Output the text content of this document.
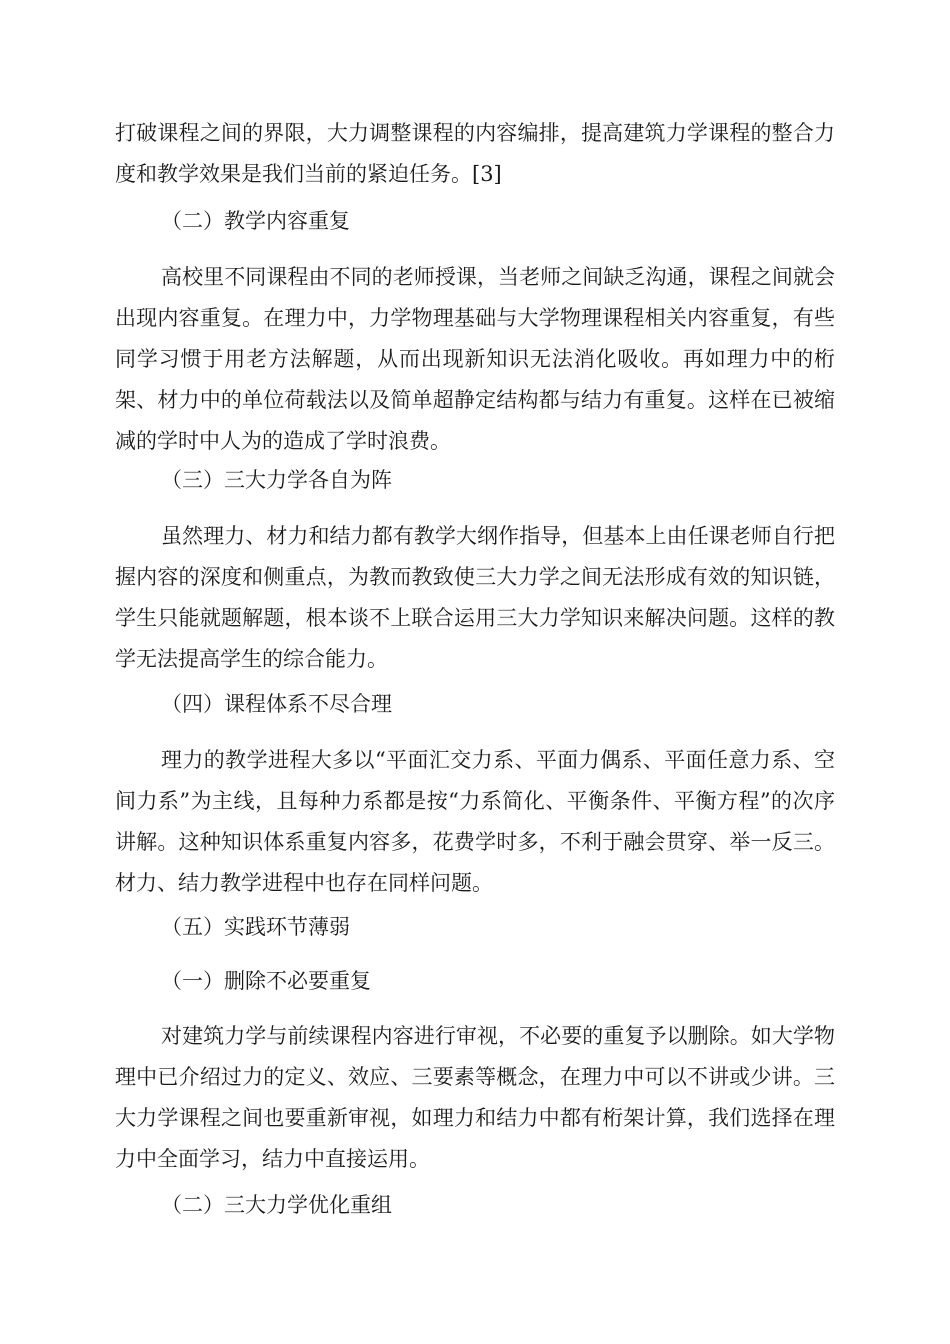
打破课程之间的界限，大力调整课程的内容编排，提高建筑力学课程的整合力度和教学效果是我们当前的紧迫任务。[3]

（二）教学内容重复

高校里不同课程由不同的老师授课，当老师之间缺乏沟通，课程之间就会出现内容重复。在理力中，力学物理基础与大学物理课程相关内容重复，有些同学习惯于用老方法解题，从而出现新知识无法消化吸收。再如理力中的桁架、材力中的单位荷载法以及简单超静定结构都与结力有重复。这样在已被缩减的学时中人为的造成了学时浪费。

（三）三大力学各自为阵

虽然理力、材力和结力都有教学大纲作指导，但基本上由任课老师自行把握内容的深度和侧重点，为教而教致使三大力学之间无法形成有效的知识链，学生只能就题解题，根本谈不上联合运用三大力学知识来解决问题。这样的教学无法提高学生的综合能力。

（四）课程体系不尽合理

理力的教学进程大多以“平面汇交力系、平面力偶系、平面任意力系、空间力系”为主线，且每种力系都是按“力系简化、平衡条件、平衡方程”的次序讲解。这种知识体系重复内容多，花费学时多，不利于融会贯穿、举一反三。材力、结力教学进程中也存在同样问题。

（五）实践环节薄弱

（一）删除不必要重复

对建筑力学与前续课程内容进行审视，不必要的重复予以删除。如大学物理中已介绍过力的定义、效应、三要素等概念，在理力中可以不讲或少讲。三大力学课程之间也要重新审视，如理力和结力中都有桁架计算，我们选择在理力中全面学习，结力中直接运用。

（二）三大力学优化重组
